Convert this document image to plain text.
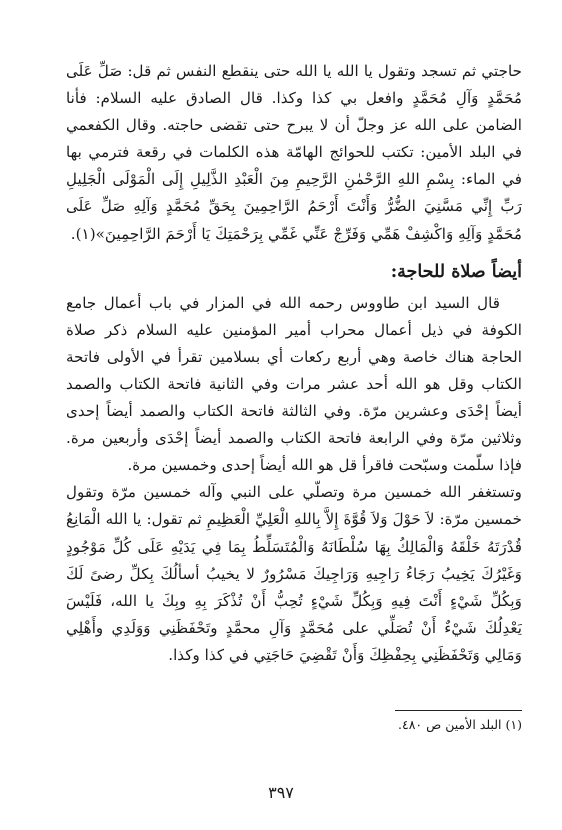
حاجتي ثم تسجد وتقول يا الله يا الله حتى ينقطع النفس ثم قل: صَلِّ عَلَى مُحَمَّدٍ وَآلِ مُحَمَّدٍ وافعل بي كذا وكذا. قال الصادق عليه السلام: فأنا الضامن على الله عز وجلّ أن لا يبرح حتى تقضى حاجته. وقال الكفعمي في البلد الأمين: تكتب للحوائج الهامّة هذه الكلمات في رقعة فترمي بها في الماء: بِسْمِ اللهِ الرَّحْمٰنِ الرَّحِيمِ مِنَ الْعَبْدِ الذَّلِيلِ إِلَى الْمَوْلَى الْجَلِيلِ رَبِّ إِنِّي مَسَّنِيَ الضُّرُّ وَأَنْتَ أَرْحَمُ الرَّاحِمِينَ بِحَقِّ مُحَمَّدٍ وَآلِهِ صَلِّ عَلَى مُحَمَّدٍ وَآلِهِ وَاكْشِفْ هَمِّي وَفَرِّجْ عَنِّي غَمِّي بِرَحْمَتِكَ يَا أَرْحَمَ الرَّاحِمِينَ»(١).

أيضاً صلاة للحاجة:

قال السيد ابن طاووس رحمه الله في المزار في باب أعمال جامع الكوفة في ذيل أعمال محراب أمير المؤمنين عليه السلام ذكر صلاة الحاجة هناك خاصة وهي أربع ركعات أي بسلامين تقرأ في الأولى فاتحة الكتاب وقل هو الله أحد عشر مرات وفي الثانية فاتحة الكتاب والصمد أيضاً إحْدَى وعشرين مرّة. وفي الثالثة فاتحة الكتاب والصمد أيضاً إحدى وثلاثين مرّة وفي الرابعة فاتحة الكتاب والصمد أيضاً إحْدَى وأربعين مرة. فإذا سلّمت وسبّحت فاقرأ قل هو الله أيضاً إحدى وخمسين مرة.

وتستغفر الله خمسين مرة وتصلّي على النبي وآله خمسين مرّة وتقول خمسين مرّة: لاَ حَوْلَ وَلاَ قُوَّةَ إِلاَّ بِاللهِ الْعَلِيِّ الْعَظِيمِ ثم تقول: يا الله الْمَانِعُ قُدْرَتَهُ خَلْقَهُ وَالْمَالِكُ بِهَا سُلْطَانَهُ وَالْمُتَسَلِّطُ بِمَا فِي يَدَيْهِ عَلَى كُلِّ مَوْجُودٍ وَغَيْرُكَ يَخِيبُ رَجَاءُ رَاجِيهِ وَرَاجِيكَ مَسْرُورٌ لا يخيبُ أسألُكَ بِكلِّ رضىً لَكَ وَبِكُلِّ شَيْءٍ أَنْتَ فِيهِ وَبِكُلِّ شَيْءٍ تُحِبُّ أَنْ تُذْكَرَ بِهِ وبِكَ يا الله، فَلَيْسَ يَعْدِلُكَ شَيْءٌ أَنْ تُصَلِّي على مُحَمَّدٍ وَآلِ محمَّدٍ وتَحْفَظَنِي وَوَلَدِي وأَهْلِي وَمَالِي وَتَحْفَظَنِي بِحِفْظِكَ وَأَنْ تَقْضِيَ حَاجَتِي في كذا وكذا.

(١) البلد الأمين ص ٤٨٠.
٣٩٧
